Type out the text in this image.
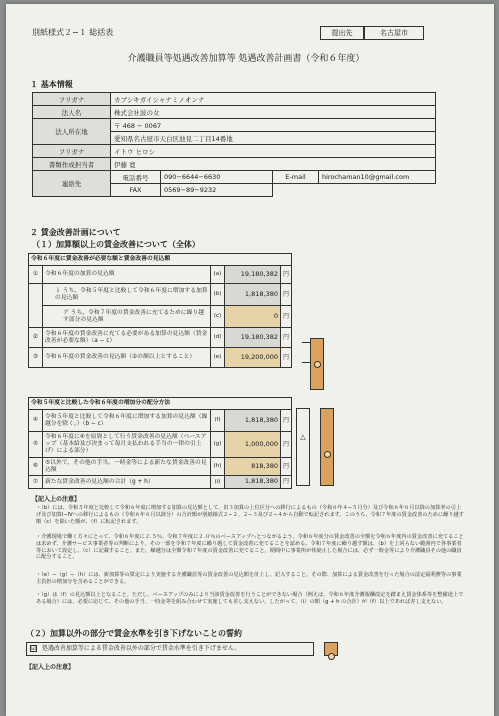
別紙様式２−１ 総括表	提出先	名古屋市
介護職員等処遇改善加算等 処遇改善計画書（令和６年度）
１ 基本情報
フリガナ	カブシキガイシャナミノオンナ			
法人名	株式会社波の女			
法人所在地	〒 468 − 0067			
	愛知県名古屋市天白区池見二丁目14番地			
フリガナ	イトウ ヒロシ			
書類作成担当者	伊藤 寛			
連絡先	電話番号	090−6644−6630	E-mail	hirochaman10@gmail.com
	FAX	0569−89−9232		
２ 賃金改善計画について
（１）加算額以上の賃金改善について（全体）
令和６年度に賃金改善が必要な額と賃金改善の見込額				
①	令和６年度の加算の見込額	(a)	19,180,382	円
	ｉ うち、令和５年度と比較して令和６年度に増加する加算の見込額	(b)	1,818,380	円
	ア うち、令和７年度の賃金改善に充てるために繰り越す部分の見込額	(c)	0	円
②	令和６年度の賃金改善に充てる必要がある加算の見込額（賃金改善が必要な額）（a − c）	(d)	19,180,382	円
③	令和６年度の賃金改善の見込額（②の額以上とすること）	(e)	19,200,000	円
令和５年度と比較した令和６年度の増加分の配分方法				
④	令和５年度と比較して令和６年度に増加する加算の見込額（繰越分を除く。）（b − c）	(f)	1,818,380	円
⑤	令和６年度に④を原資として行う賃金改善の見込額（ベースアップ（基本給及び決まって毎月支払われる手当の一律の引上げ）による部分）	(g)	1,000,000	円
⑥	⑤以外で、その他の手当、一時金等による新たな賃金改善の見込額	(h)	818,380	円
⑦	新たな賃金改善の見込額の合計（g + h）	(i)	1,818,380	円
△
【記入上の注意】
・（b）には、令和５年度と比較して令和６年度に増加する加算の見込額として、旧３加算の上位区分への移行によるもの（令和６年４−５月分）及び令和６年６月以降の加算率の引上げ及び加算Ⅰ−Ⅳへの移行によるもの（令和６年６月以降分）の合計額が別紙様式２−２、２−３及び２−４から自動で転記されます。このうち、令和７年度の賃金改善のために繰り越す額（c）を除いた額が、（f）に転記されます。
・介護現場で働く方々にとって、令和６年度に２.５％、令和７年度に２.０％のベースアップへとつながるよう、令和６年度分の賃金改善の全額を令和６年度内の賃金改善に充てることは求めず、介護サービス事業者等の判断により、その一部を令和７年度に繰り越して賃金改善に充てることを認める。令和７年度に繰り越す額は、（b）を上回らない範囲内で各事業者等において設定し、（c）に記載すること。また、繰越分は全額令和７年度の賃金改善に充てること。期間中に事業所が休廃止した場合には、必ず一時金等により介護職員その他の職員に配分すること。
・（e）−（g）−（h）には、新加算等の算定により実施する介護職員等の賃金改善の見込額を計上し、記入すること。その際、加算による賃金改善を行った場合の法定福利費等の事業主負担の増加分を含めることができる。
・（g）は（f）の見込額以上となること。ただし、ベースアップのみにより当該賃金改善を行うことができない場合（例えば、令和６年度介護報酬改定を踏まえ賃金体系等を整備途上である場合）には、必要に応じて、その他の手当、一時金等を組み合わせて実施しても差し支えない。したがって、（i）の額（g + h の合計）が（f）以上であれば差し支えない。
（２）加算以外の部分で賃金水準を引き下げないことの誓約
☑ 処遇改善加算等による賃金改善以外の部分で賃金水準を引き下げません。
【記入上の注意】
